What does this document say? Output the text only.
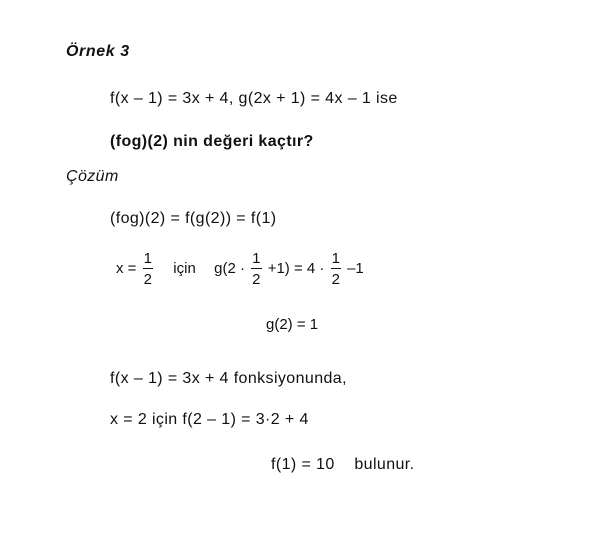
Örnek 3
f(x – 1) = 3x + 4, g(2x + 1) = 4x – 1 ise
(fog)(2) nin değeri kaçtır?
Çözüm
(fog)(2) = f(g(2)) = f(1)
$x = \frac{1}{2}$ için $g(2 \cdot \frac{1}{2} +1) = 4 \cdot \frac{1}{2} -1$
g(2) = 1
f(x – 1) = 3x + 4 fonksiyonunda,
x = 2 için f(2 – 1) = 3·2 + 4
f(1) = 10 bulunur.
